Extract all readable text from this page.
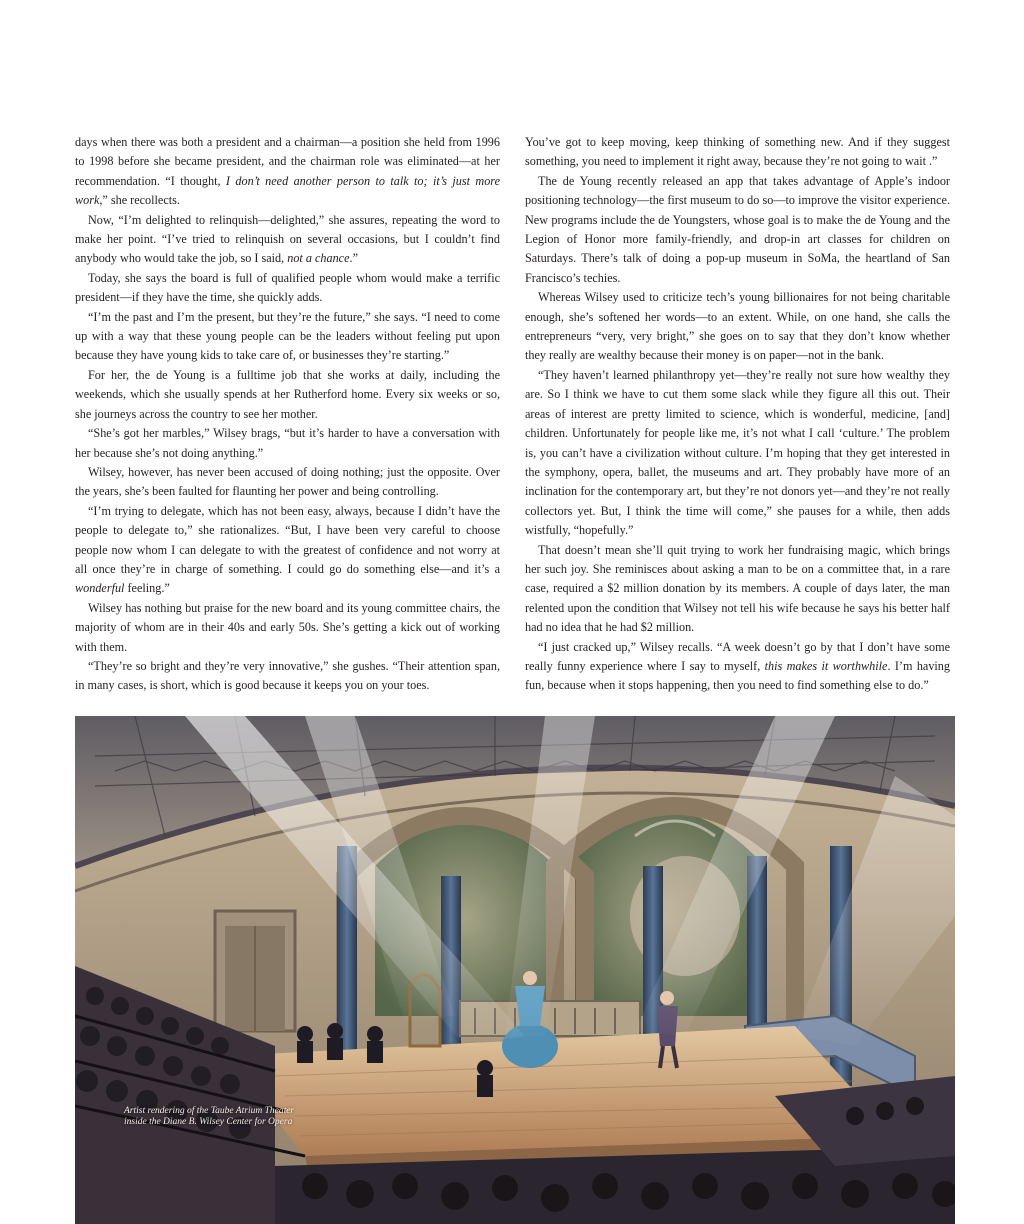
days when there was both a president and a chairman—a position she held from 1996 to 1998 before she became president, and the chairman role was eliminated—at her recommendation. “I thought, I don’t need another person to talk to; it’s just more work,” she recollects.

Now, “I’m delighted to relinquish—delighted,” she assures, repeating the word to make her point. “I’ve tried to relinquish on several occasions, but I couldn’t find anybody who would take the job, so I said, not a chance.”

Today, she says the board is full of qualified people whom would make a terrific president—if they have the time, she quickly adds.

“I’m the past and I’m the present, but they’re the future,” she says. “I need to come up with a way that these young people can be the leaders without feeling put upon because they have young kids to take care of, or businesses they’re starting.”

For her, the de Young is a fulltime job that she works at daily, including the weekends, which she usually spends at her Rutherford home. Every six weeks or so, she journeys across the country to see her mother.

“She’s got her marbles,” Wilsey brags, “but it’s harder to have a conversation with her because she’s not doing anything.”

Wilsey, however, has never been accused of doing nothing; just the opposite. Over the years, she’s been faulted for flaunting her power and being controlling.

“I’m trying to delegate, which has not been easy, always, because I didn’t have the people to delegate to,” she rationalizes. “But, I have been very careful to choose people now whom I can delegate to with the greatest of confidence and not worry at all once they’re in charge of something. I could go do something else—and it’s a wonderful feeling.”

Wilsey has nothing but praise for the new board and its young committee chairs, the majority of whom are in their 40s and early 50s. She’s getting a kick out of working with them.

“They’re so bright and they’re very innovative,” she gushes. “Their attention span, in many cases, is short, which is good because it keeps you on your toes.

You’ve got to keep moving, keep thinking of something new. And if they suggest something, you need to implement it right away, because they’re not going to wait .”

The de Young recently released an app that takes advantage of Apple’s indoor positioning technology—the first museum to do so—to improve the visitor experience. New programs include the de Youngsters, whose goal is to make the de Young and the Legion of Honor more family-friendly, and drop-in art classes for children on Saturdays. There’s talk of doing a pop-up museum in SoMa, the heartland of San Francisco’s techies.

Whereas Wilsey used to criticize tech’s young billionaires for not being charitable enough, she’s softened her words—to an extent. While, on one hand, she calls the entrepreneurs “very, very bright,” she goes on to say that they don’t know whether they really are wealthy because their money is on paper—not in the bank.

“They haven’t learned philanthropy yet—they’re really not sure how wealthy they are. So I think we have to cut them some slack while they figure all this out. Their areas of interest are pretty limited to science, which is wonderful, medicine, [and] children. Unfortunately for people like me, it’s not what I call ‘culture.’ The problem is, you can’t have a civilization without culture. I’m hoping that they get interested in the symphony, opera, ballet, the museums and art. They probably have more of an inclination for the contemporary art, but they’re not donors yet—and they’re not really collectors yet. But, I think the time will come,” she pauses for a while, then adds wistfully, “hopefully.”

That doesn’t mean she’ll quit trying to work her fundraising magic, which brings her such joy. She reminisces about asking a man to be on a committee that, in a rare case, required a $2 million donation by its members. A couple of days later, the man relented upon the condition that Wilsey not tell his wife because he says his better half had no idea that he had $2 million.

“I just cracked up,” Wilsey recalls. “A week doesn’t go by that I don’t have some really funny experience where I say to myself, this makes it worthwhile. I’m having fun, because when it stops happening, then you need to find something else to do.”

Artist rendering of the Taube Atrium Theater inside the Diane B. Wilsey Center for Opera
